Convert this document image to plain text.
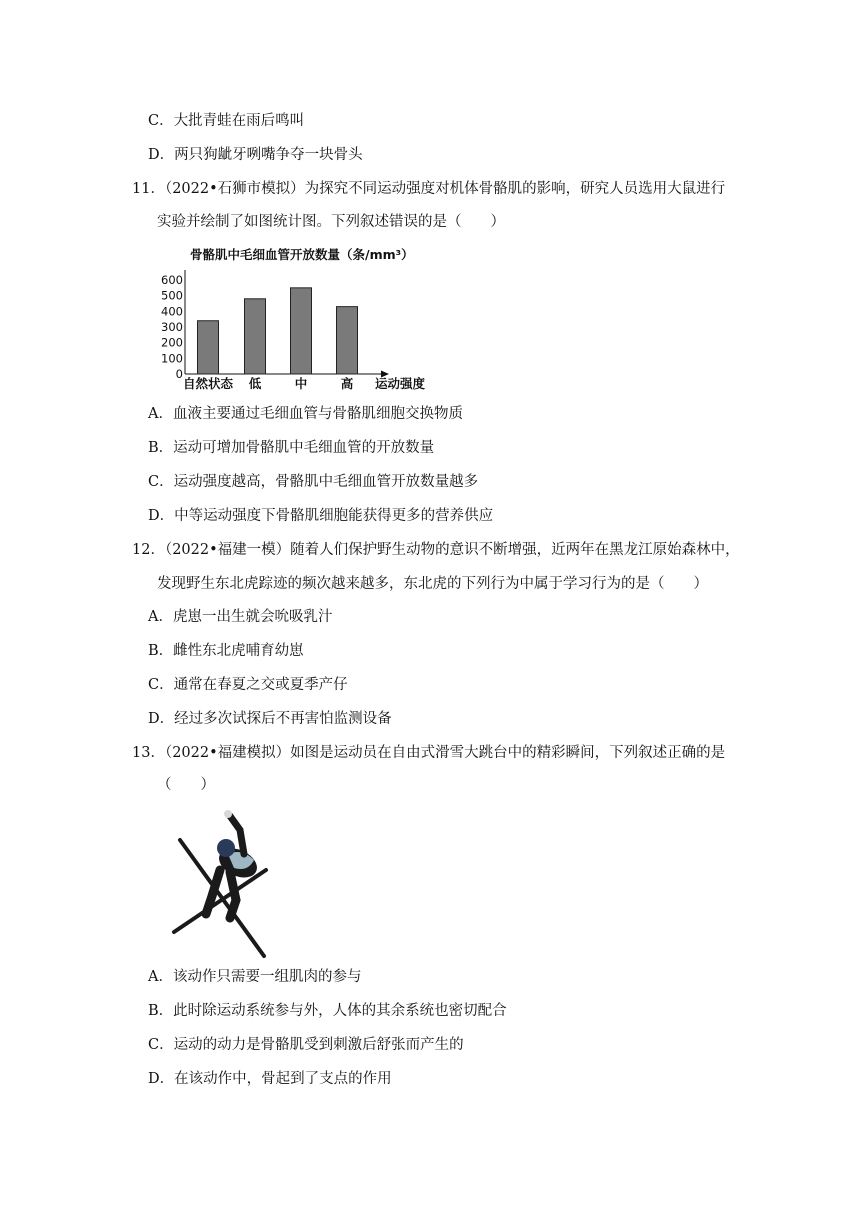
C．大批青蛙在雨后鸣叫
D．两只狗龇牙咧嘴争夺一块骨头
11．（2022•石狮市模拟）为探究不同运动强度对机体骨骼肌的影响，研究人员选用大鼠进行
实验并绘制了如图统计图。下列叙述错误的是（　　）
骨骼肌中毛细血管开放数量（条/mm³）
0
100
200
300
400
500
600
自然状态 低	中	高 运动强度
A．血液主要通过毛细血管与骨骼肌细胞交换物质
B．运动可增加骨骼肌中毛细血管的开放数量
C．运动强度越高，骨骼肌中毛细血管开放数量越多
D．中等运动强度下骨骼肌细胞能获得更多的营养供应
12．（2022•福建一模）随着人们保护野生动物的意识不断增强，近两年在黑龙江原始森林中，
发现野生东北虎踪迹的频次越来越多，东北虎的下列行为中属于学习行为的是（　　）
A．虎崽一出生就会吮吸乳汁
B．雌性东北虎哺育幼崽
C．通常在春夏之交或夏季产仔
D．经过多次试探后不再害怕监测设备
13．（2022•福建模拟）如图是运动员在自由式滑雪大跳台中的精彩瞬间，下列叙述正确的是
（　　）
A．该动作只需要一组肌肉的参与
B．此时除运动系统参与外，人体的其余系统也密切配合
C．运动的动力是骨骼肌受到刺激后舒张而产生的
D．在该动作中，骨起到了支点的作用
